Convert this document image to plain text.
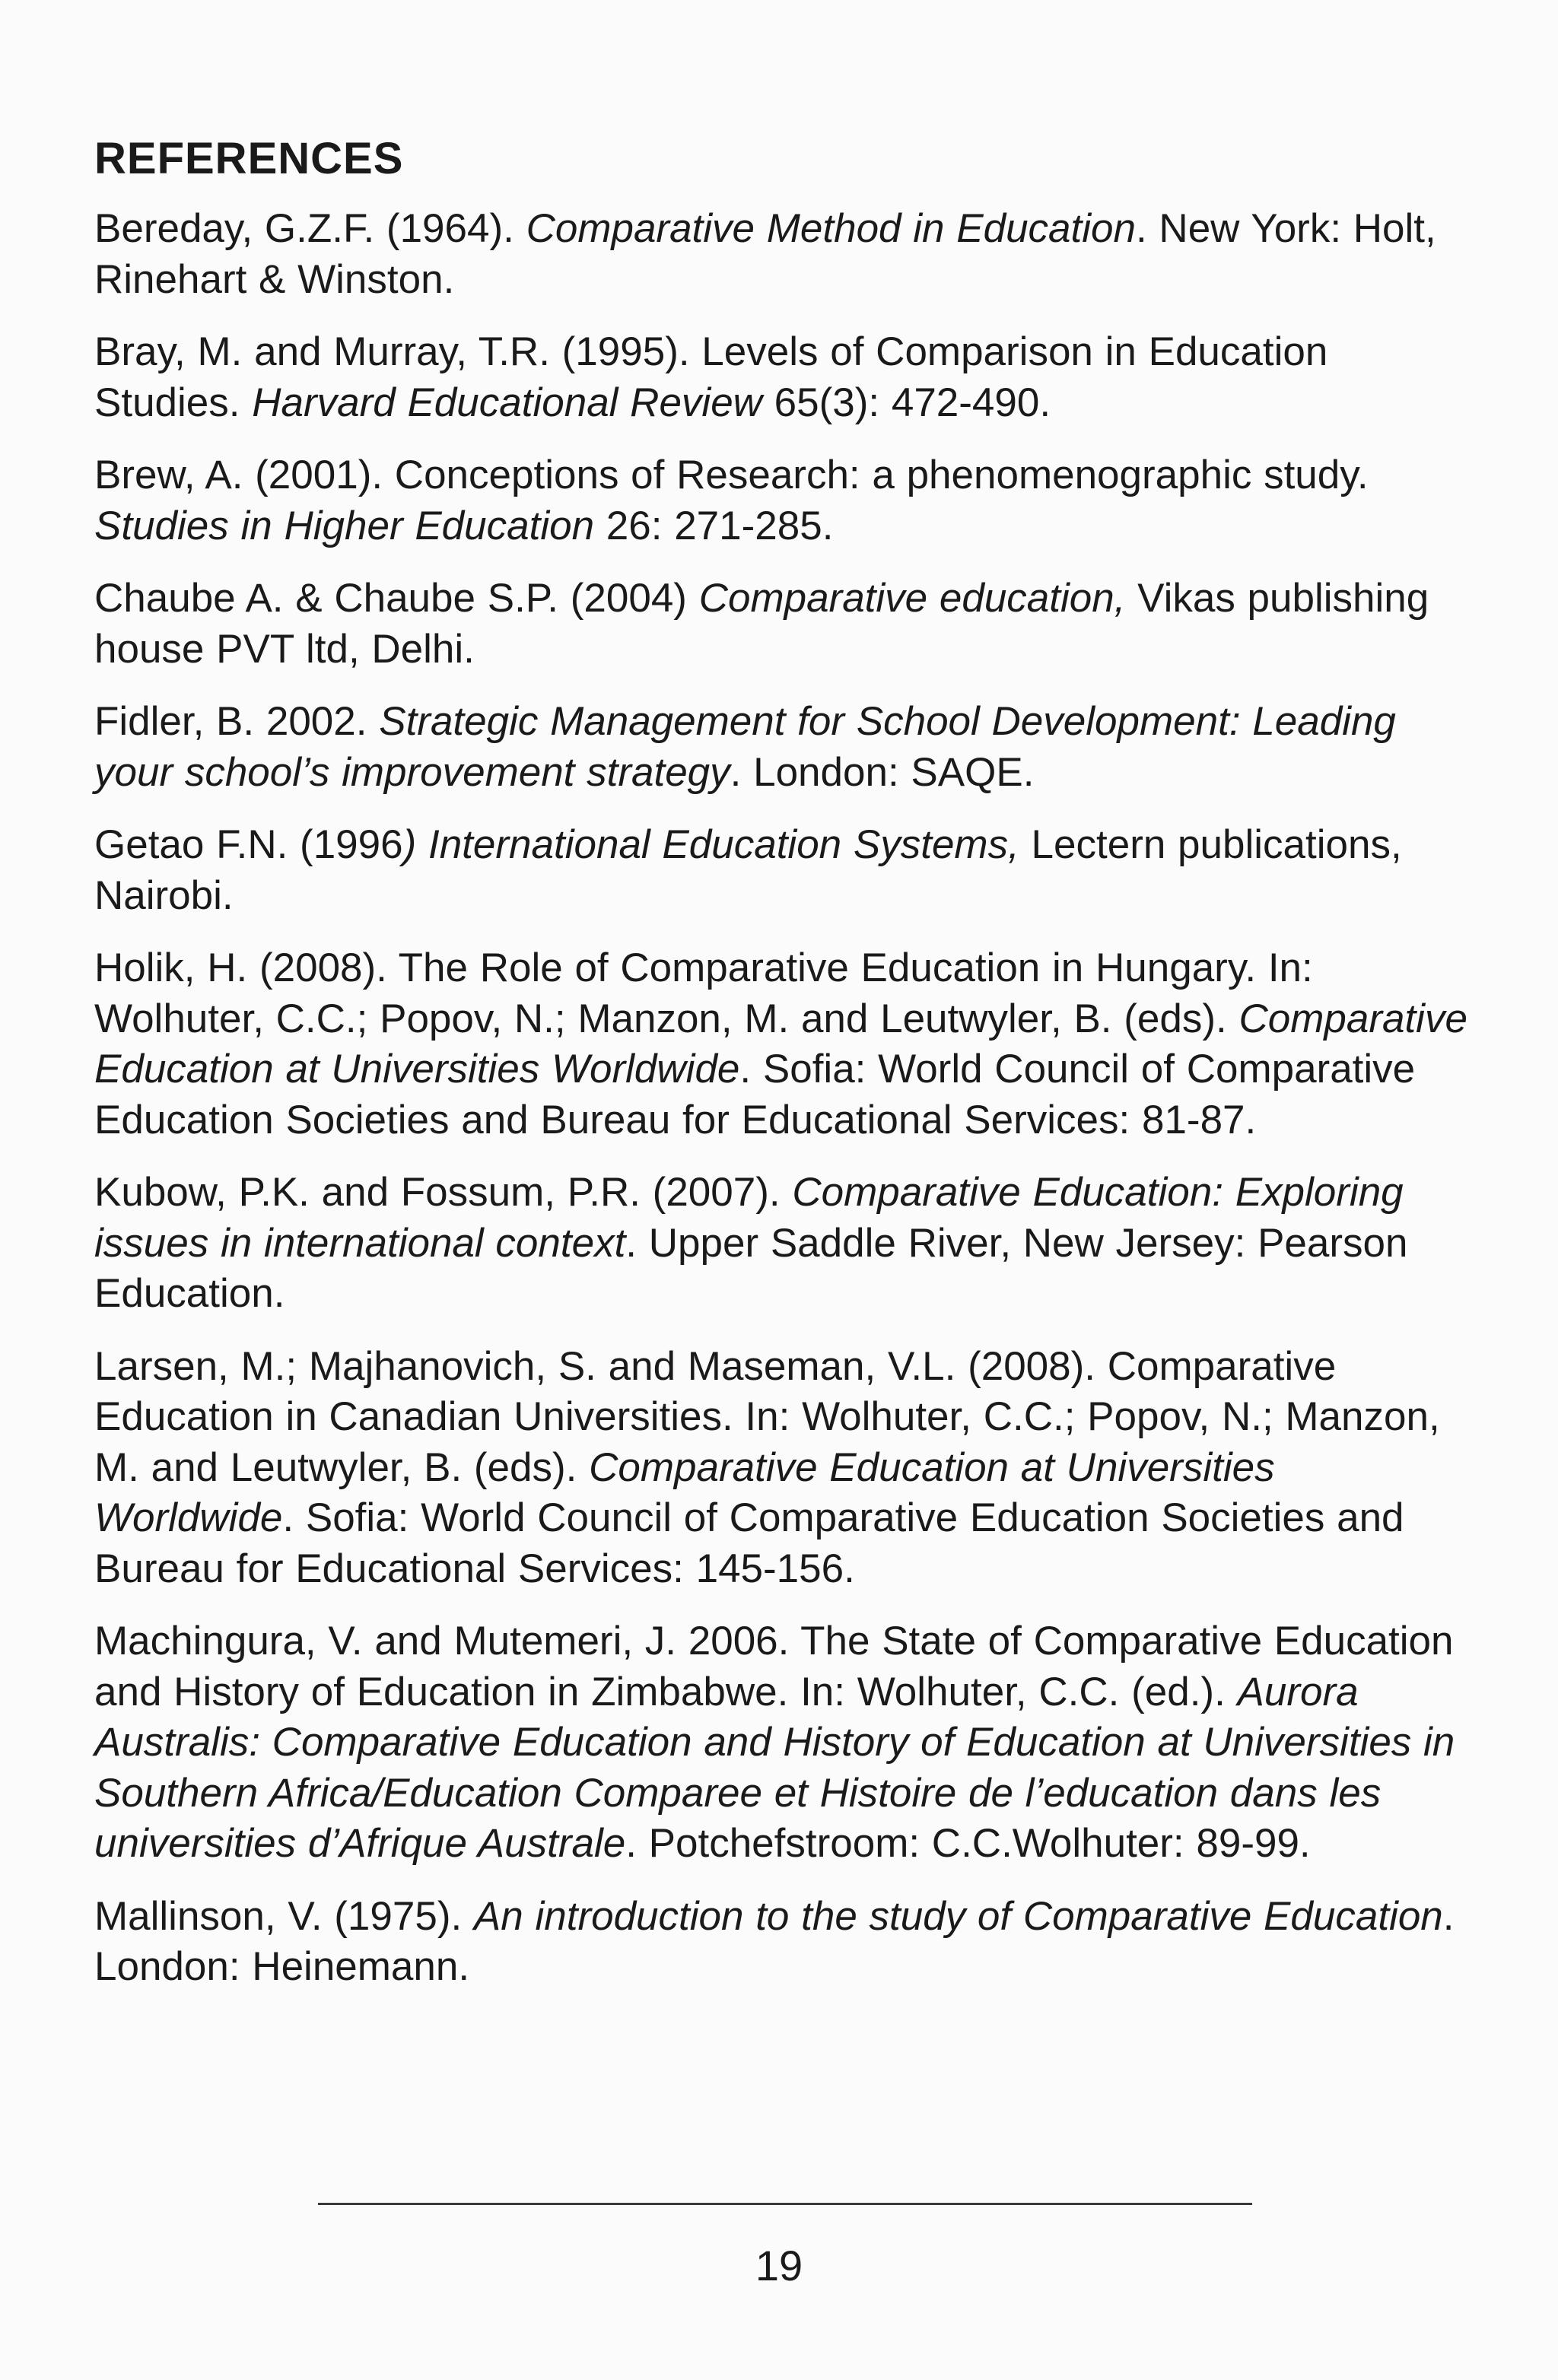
REFERENCES

Bereday, G.Z.F. (1964). Comparative Method in Education. New York: Holt, Rinehart & Winston.

Bray, M. and Murray, T.R. (1995). Levels of Comparison in Education Studies. Harvard Educational Review 65(3): 472-490.

Brew, A. (2001). Conceptions of Research: a phenomenographic study. Studies in Higher Education 26: 271-285.

Chaube A. & Chaube S.P. (2004) Comparative education, Vikas publishing house PVT ltd, Delhi.

Fidler, B. 2002. Strategic Management for School Development: Leading your school’s improvement strategy. London: SAQE.

Getao F.N. (1996) International Education Systems, Lectern publications, Nairobi.

Holik, H. (2008). The Role of Comparative Education in Hungary. In: Wolhuter, C.C.; Popov, N.; Manzon, M. and Leutwyler, B. (eds). Comparative Education at Universities Worldwide. Sofia: World Council of Comparative Education Societies and Bureau for Educational Services: 81-87.

Kubow, P.K. and Fossum, P.R. (2007). Comparative Education: Exploring issues in international context. Upper Saddle River, New Jersey: Pearson Education.

Larsen, M.; Majhanovich, S. and Maseman, V.L. (2008). Comparative Education in Canadian Universities. In: Wolhuter, C.C.; Popov, N.; Manzon, M. and Leutwyler, B. (eds). Comparative Education at Universities Worldwide. Sofia: World Council of Comparative Education Societies and Bureau for Educational Services: 145-156.

Machingura, V. and Mutemeri, J. 2006. The State of Comparative Education and History of Education in Zimbabwe. In: Wolhuter, C.C. (ed.). Aurora Australis: Comparative Education and History of Education at Universities in Southern Africa/Education Comparee et Histoire de l’education dans les universities d’Afrique Australe. Potchefstroom: C.C.Wolhuter: 89-99.

Mallinson, V. (1975). An introduction to the study of Comparative Education. London: Heinemann.

19
